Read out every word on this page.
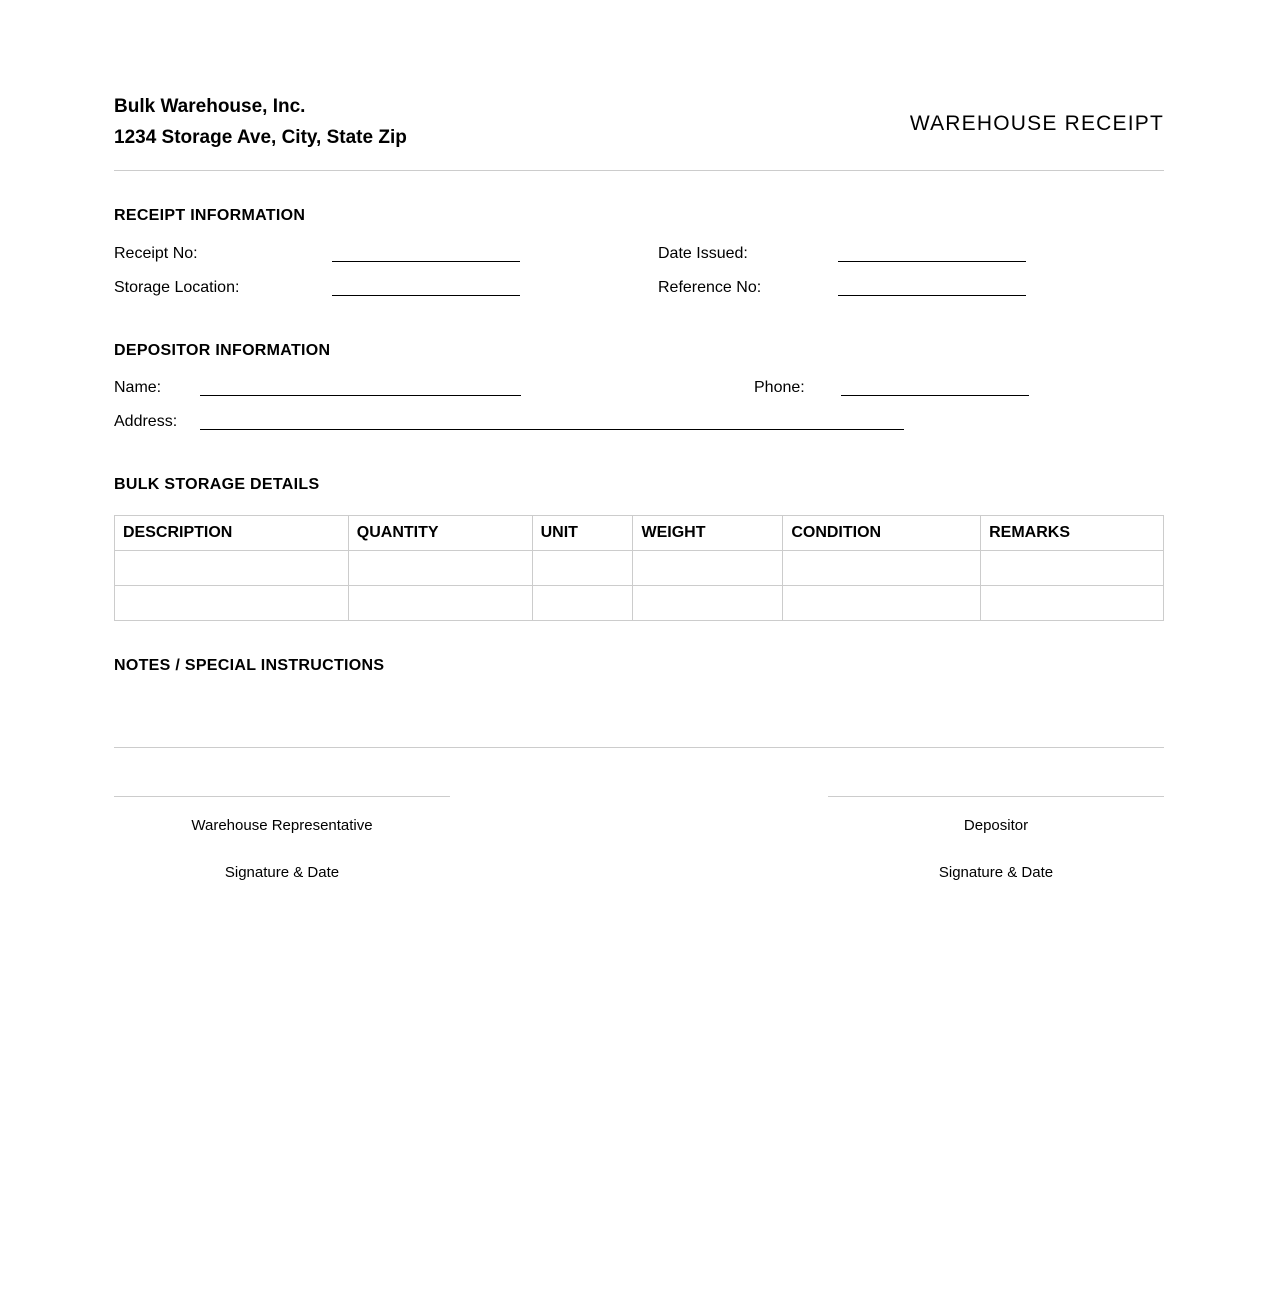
Bulk Warehouse, Inc.
1234 Storage Ave, City, State Zip
WAREHOUSE RECEIPT
RECEIPT INFORMATION
Receipt No:
Storage Location:
Date Issued:
Reference No:
DEPOSITOR INFORMATION
Name:	Phone:
Address:
BULK STORAGE DETAILS
DESCRIPTION	QUANTITY	UNIT	WEIGHT	CONDITION	REMARKS

NOTES / SPECIAL INSTRUCTIONS
Warehouse Representative
Signature & Date
Depositor
Signature & Date
